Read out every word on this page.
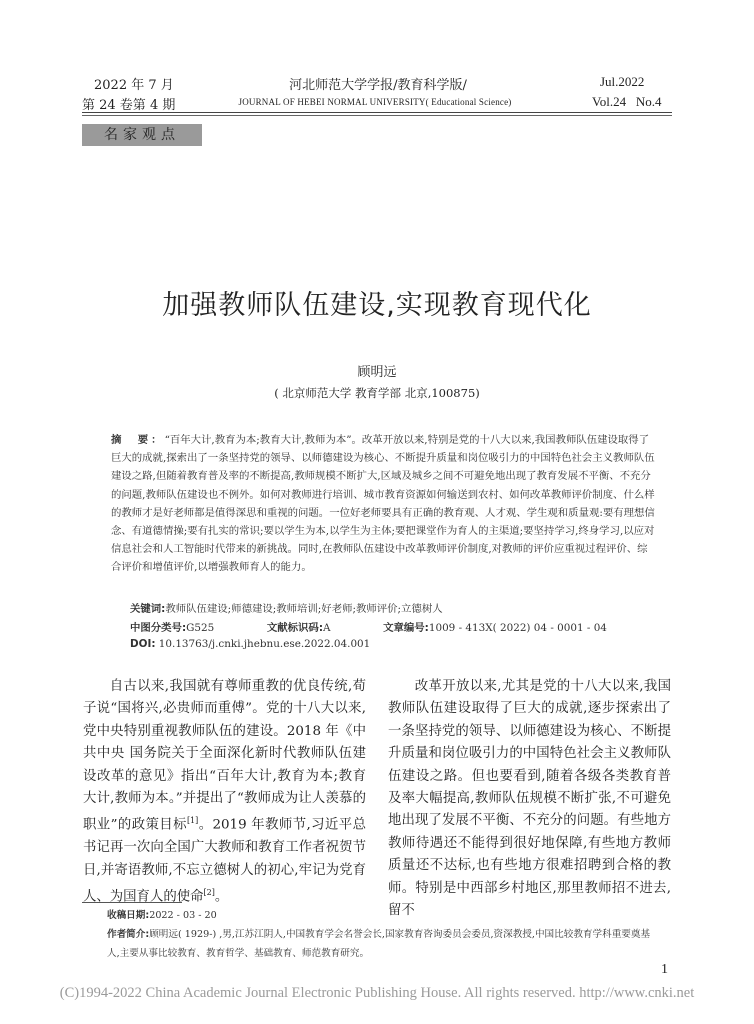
2022 年 7 月
第 24 卷第 4 期
河北师范大学学报/教育科学版/
JOURNAL OF HEBEI NORMAL UNIVERSITY( Educational Science)
Jul.2022
Vol.24   No.4
名家观点
加强教师队伍建设,实现教育现代化
顾明远
( 北京师范大学 教育学部 北京,100875)
摘　要：“百年大计,教育为本;教育大计,教师为本”。改革开放以来,特别是党的十八大以来,我国教师队伍建设取得了巨大的成就,探索出了一条坚持党的领导、以师德建设为核心、不断提升质量和岗位吸引力的中国特色社会主义教师队伍建设之路,但随着教育普及率的不断提高,教师规模不断扩大,区域及城乡之间不可避免地出现了教育发展不平衡、不充分的问题,教师队伍建设也不例外。如何对教师进行培训、城市教育资源如何输送到农村、如何改革教师评价制度、什么样的教师才是好老师都是值得深思和重视的问题。一位好老师要具有正确的教育观、人才观、学生观和质量观:要有理想信念、有道德情操;要有扎实的常识;要以学生为本,以学生为主体;要把课堂作为育人的主渠道;要坚持学习,终身学习,以应对信息社会和人工智能时代带来的新挑战。同时,在教师队伍建设中改革教师评价制度,对教师的评价应重视过程评价、综合评价和增值评价,以增强教师育人的能力。
关键词:教师队伍建设;师德建设;教师培训;好老师;教师评价;立德树人
中图分类号:G525	文献标识码:A	文章编号:1009 - 413X( 2022) 04 - 0001 - 04
DOI: 10.13763/j.cnki.jhebnu.ese.2022.04.001

自古以来,我国就有尊师重教的优良传统,荀子说“国将兴,必贵师而重傅”。党的十八大以来,党中央特别重视教师队伍的建设。2018 年《中共中央 国务院关于全面深化新时代教师队伍建设改革的意见》指出“百年大计,教育为本;教育大计,教师为本。”并提出了“教师成为让人羡慕的职业”的政策目标[1]。2019 年教师节,习近平总书记再一次向全国广大教师和教育工作者祝贺节日,并寄语教师,不忘立德树人的初心,牢记为党育人、为国育人的使命[2]。

改革开放以来,尤其是党的十八大以来,我国教师队伍建设取得了巨大的成就,逐步探索出了一条坚持党的领导、以师德建设为核心、不断提升质量和岗位吸引力的中国特色社会主义教师队伍建设之路。但也要看到,随着各级各类教育普及率大幅提高,教师队伍规模不断扩张,不可避免地出现了发展不平衡、不充分的问题。有些地方教师待遇还不能得到很好地保障,有些地方教师质量还不达标,也有些地方很难招聘到合格的教师。特别是中西部乡村地区,那里教师招不进去,留不

收稿日期:2022 - 03 - 20
作者简介:顾明远( 1929-) ,男,江苏江阴人,中国教育学会名誉会长,国家教育咨询委员会委员,资深教授,中国比较教育学科重要奠基人,主要从事比较教育、教育哲学、基础教育、师范教育研究。
1
(C)1994-2022 China Academic Journal Electronic Publishing House. All rights reserved. http://www.cnki.net
